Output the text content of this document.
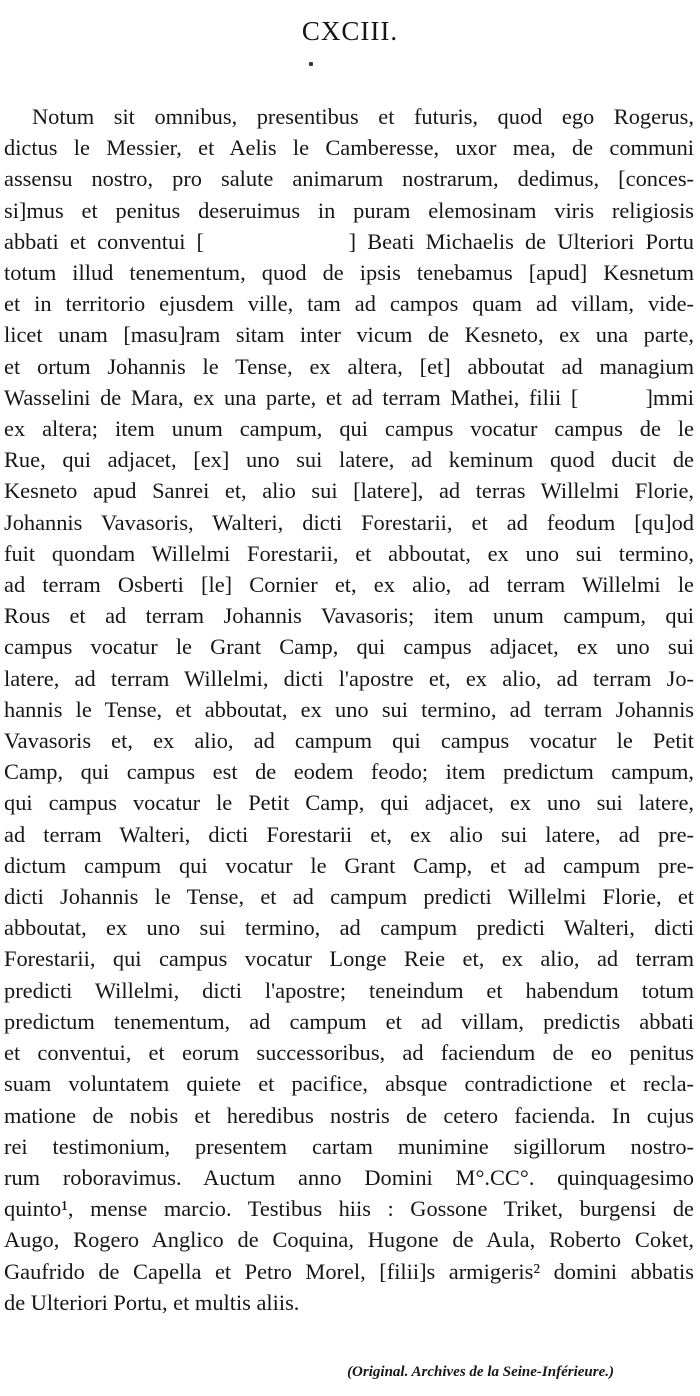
CXCIII.
Notum sit omnibus, presentibus et futuris, quod ego Rogerus,
dictus le Messier, et Aelis le Camberesse, uxor mea, de communi
assensu nostro, pro salute animarum nostrarum, dedimus, [conces-
si]mus et penitus deseruimus in puram elemosinam viris religiosis
abbati et conventui [             ] Beati Michaelis de Ulteriori Portu
totum illud tenementum, quod de ipsis tenebamus [apud] Kesnetum
et in territorio ejusdem ville, tam ad campos quam ad villam, vide-
licet unam [masu]ram sitam inter vicum de Kesneto, ex una parte,
et ortum Johannis le Tense, ex altera, [et] abboutat ad managium
Wasselini de Mara, ex una parte, et ad terram Mathei, filii [       ]mmi
ex altera; item unum campum, qui campus vocatur campus de le
Rue, qui adjacet, [ex] uno sui latere, ad keminum quod ducit de
Kesneto apud Sanrei et, alio sui [latere], ad terras Willelmi Florie,
Johannis Vavasoris, Walteri, dicti Forestarii, et ad feodum [qu]od
fuit quondam Willelmi Forestarii, et abboutat, ex uno sui termino,
ad terram Osberti [le] Cornier et, ex alio, ad terram Willelmi le
Rous et ad terram Johannis Vavasoris; item unum campum, qui
campus vocatur le Grant Camp, qui campus adjacet, ex uno sui
latere, ad terram Willelmi, dicti l'apostre et, ex alio, ad terram Jo-
hannis le Tense, et abboutat, ex uno sui termino, ad terram Johannis
Vavasoris et, ex alio, ad campum qui campus vocatur le Petit
Camp, qui campus est de eodem feodo; item predictum campum,
qui campus vocatur le Petit Camp, qui adjacet, ex uno sui latere,
ad terram Walteri, dicti Forestarii et, ex alio sui latere, ad pre-
dictum campum qui vocatur le Grant Camp, et ad campum pre-
dicti Johannis le Tense, et ad campum predicti Willelmi Florie, et
abboutat, ex uno sui termino, ad campum predicti Walteri, dicti
Forestarii, qui campus vocatur Longe Reie et, ex alio, ad terram
predicti Willelmi, dicti l'apostre; teneindum et habendum totum
predictum tenementum, ad campum et ad villam, predictis abbati
et conventui, et eorum successoribus, ad faciendum de eo penitus
suam voluntatem quiete et pacifice, absque contradictione et recla-
matione de nobis et heredibus nostris de cetero facienda. In cujus
rei testimonium, presentem cartam munimine sigillorum nostro-
rum roboravimus. Auctum anno Domini M°.CC°. quinquagesimo
quinto¹, mense marcio. Testibus hiis : Gossone Triket, burgensi de
Augo, Rogero Anglico de Coquina, Hugone de Aula, Roberto Coket,
Gaufrido de Capella et Petro Morel, [filii]s armigeris² domini abbatis
de Ulteriori Portu, et multis aliis.
(Original. Archives de la Seine-Inférieure.)
